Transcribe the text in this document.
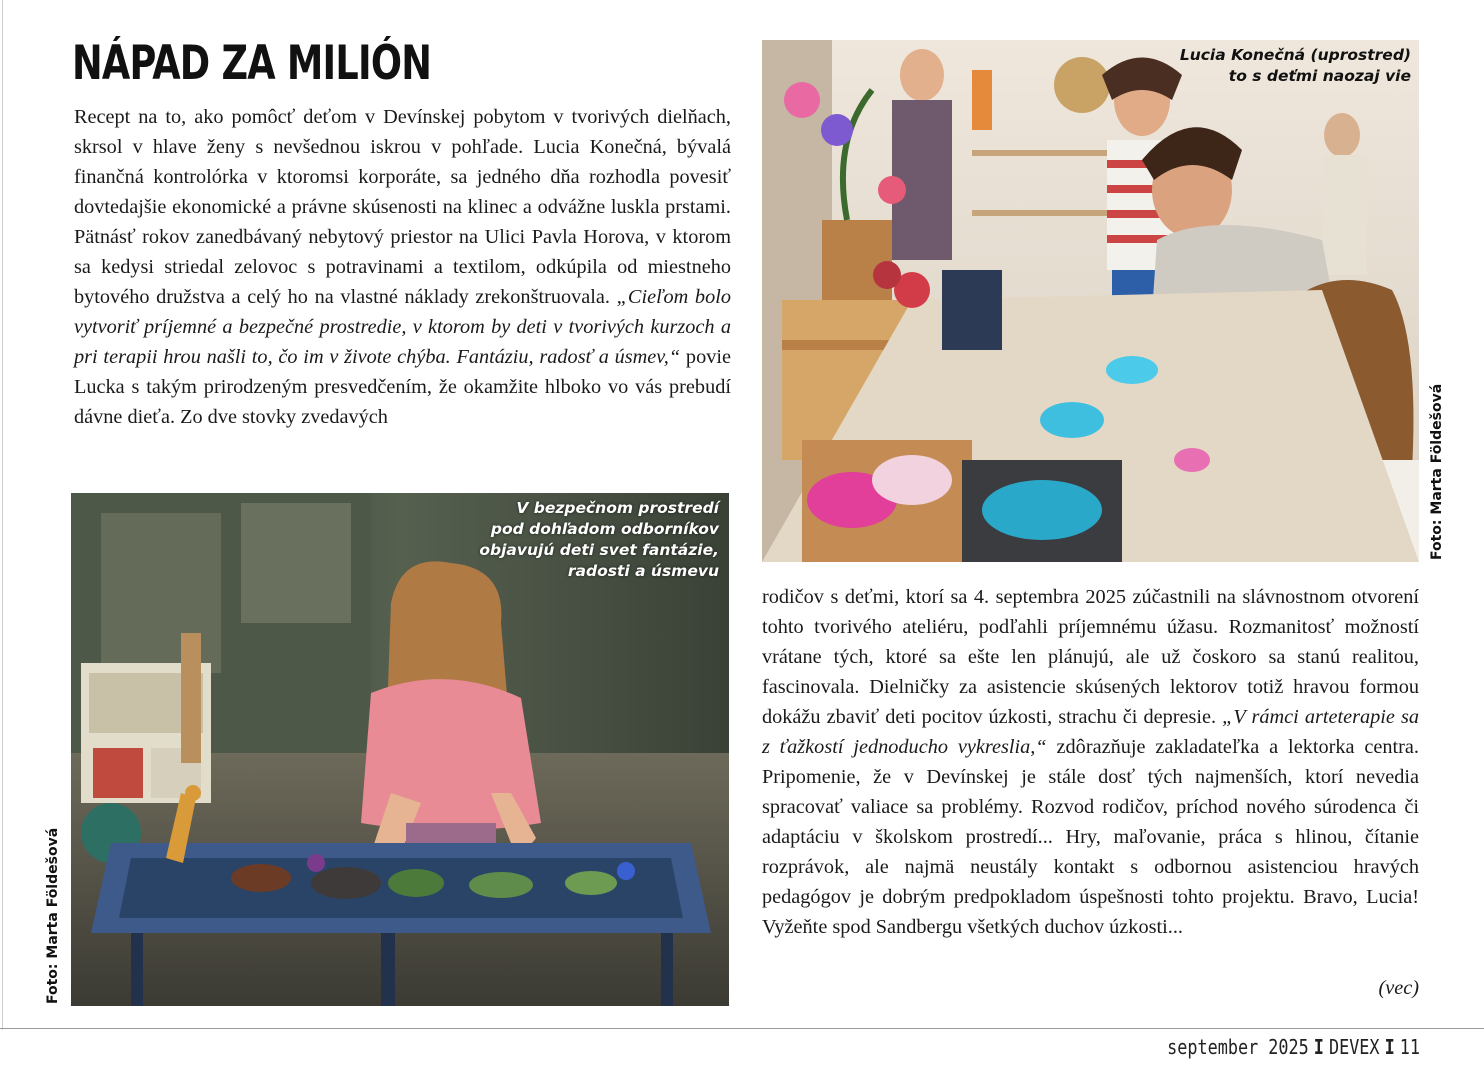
NÁPAD ZA MILIÓN

Recept na to, ako pomôcť deťom v Devínskej pobytom v tvorivých dielňach, skrsol v hlave ženy s nevšednou iskrou v pohľade. Lucia Konečná, bývalá finančná kontrolórka v ktoromsi korporáte, sa jedného dňa rozhodla povesiť dovtedajšie ekonomické a právne skúsenosti na klinec a odvážne luskla prstami. Pätnásť rokov zanedbávaný nebytový priestor na Ulici Pavla Horova, v ktorom sa kedysi striedal zelovoc s potravinami a textilom, odkúpila od miestneho bytového družstva a celý ho na vlastné náklady zrekonštruovala. „Cieľom bolo vytvoriť príjemné a bezpečné prostredie, v ktorom by deti v tvorivých kurzoch a pri terapii hrou našli to, čo im v živote chýba. Fantáziu, radosť a úsmev,“ povie Lucka s takým prirodzeným presvedčením, že okamžite hlboko vo vás prebudí dávne dieťa. Zo dve stovky zvedavých

V bezpečnom prostredí
pod dohľadom odborníkov
objavujú deti svet fantázie,
radosti a úsmevu
Foto: Marta Földešová
Lucia Konečná (uprostred)
to s deťmi naozaj vie
Foto: Marta Földešová

rodičov s deťmi, ktorí sa 4. septembra 2025 zúčastnili na slávnostnom otvorení tohto tvorivého ateliéru, podľahli príjemnému úžasu. Rozmanitosť možností vrátane tých, ktoré sa ešte len plánujú, ale už čoskoro sa stanú realitou, fascinovala. Dielničky za asistencie skúsených lektorov totiž hravou formou dokážu zbaviť deti pocitov úzkosti, strachu či depresie. „V rámci arteterapie sa z ťažkostí jednoducho vykreslia,“ zdôrazňuje zakladateľka a lektorka centra. Pripomenie, že v Devínskej je stále dosť tých najmenších, ktorí nevedia spracovať valiace sa problémy. Rozvod rodičov, príchod nového súrodenca či adaptáciu v školskom prostredí... Hry, maľovanie, práca s hlinou, čítanie rozprávok, ale najmä neustály kontakt s odbornou asistenciou hravých pedagógov je dobrým predpokladom úspešnosti tohto projektu. Bravo, Lucia! Vyžeňte spod Sandbergu všetkých duchov úzkosti...

(vec)
september 2025 I DEVEX I 11
